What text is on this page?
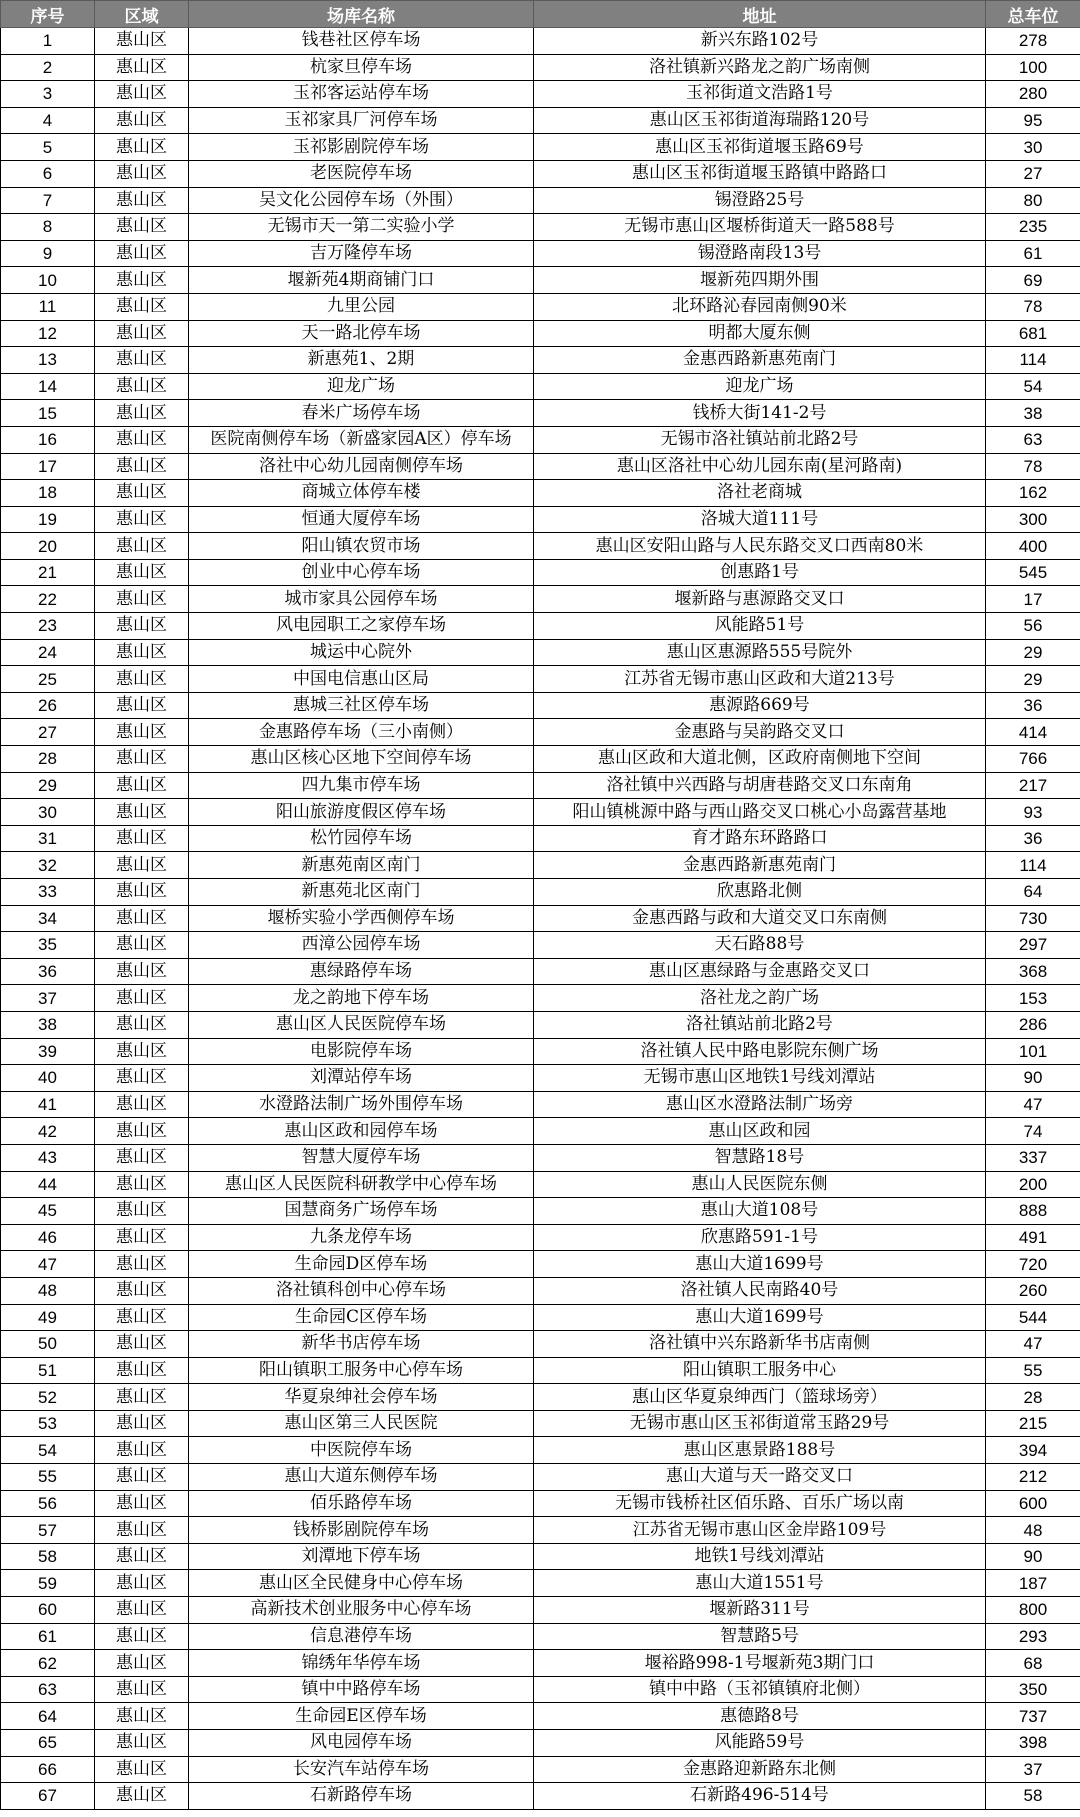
序号	区域	场库名称	地址	总车位
1	惠山区	钱巷社区停车场	新兴东路102号	278
2	惠山区	杭家旦停车场	洛社镇新兴路龙之韵广场南侧	100
3	惠山区	玉祁客运站停车场	玉祁街道文浩路1号	280
4	惠山区	玉祁家具厂河停车场	惠山区玉祁街道海瑞路120号	95
5	惠山区	玉祁影剧院停车场	惠山区玉祁街道堰玉路69号	30
6	惠山区	老医院停车场	惠山区玉祁街道堰玉路镇中路路口	27
7	惠山区	吴文化公园停车场（外围）	锡澄路25号	80
8	惠山区	无锡市天一第二实验小学	无锡市惠山区堰桥街道天一路588号	235
9	惠山区	吉万隆停车场	锡澄路南段13号	61
10	惠山区	堰新苑4期商铺门口	堰新苑四期外围	69
11	惠山区	九里公园	北环路沁春园南侧90米	78
12	惠山区	天一路北停车场	明都大厦东侧	681
13	惠山区	新惠苑1、2期	金惠西路新惠苑南门	114
14	惠山区	迎龙广场	迎龙广场	54
15	惠山区	春米广场停车场	钱桥大街141-2号	38
16	惠山区	医院南侧停车场（新盛家园A区）停车场	无锡市洛社镇站前北路2号	63
17	惠山区	洛社中心幼儿园南侧停车场	惠山区洛社中心幼儿园东南(星河路南)	78
18	惠山区	商城立体停车楼	洛社老商城	162
19	惠山区	恒通大厦停车场	洛城大道111号	300
20	惠山区	阳山镇农贸市场	惠山区安阳山路与人民东路交叉口西南80米	400
21	惠山区	创业中心停车场	创惠路1号	545
22	惠山区	城市家具公园停车场	堰新路与惠源路交叉口	17
23	惠山区	风电园职工之家停车场	风能路51号	56
24	惠山区	城运中心院外	惠山区惠源路555号院外	29
25	惠山区	中国电信惠山区局	江苏省无锡市惠山区政和大道213号	29
26	惠山区	惠城三社区停车场	惠源路669号	36
27	惠山区	金惠路停车场（三小南侧）	金惠路与吴韵路交叉口	414
28	惠山区	惠山区核心区地下空间停车场	惠山区政和大道北侧，区政府南侧地下空间	766
29	惠山区	四九集市停车场	洛社镇中兴西路与胡唐巷路交叉口东南角	217
30	惠山区	阳山旅游度假区停车场	阳山镇桃源中路与西山路交叉口桃心小岛露营基地	93
31	惠山区	松竹园停车场	育才路东环路路口	36
32	惠山区	新惠苑南区南门	金惠西路新惠苑南门	114
33	惠山区	新惠苑北区南门	欣惠路北侧	64
34	惠山区	堰桥实验小学西侧停车场	金惠西路与政和大道交叉口东南侧	730
35	惠山区	西漳公园停车场	天石路88号	297
36	惠山区	惠绿路停车场	惠山区惠绿路与金惠路交叉口	368
37	惠山区	龙之韵地下停车场	洛社龙之韵广场	153
38	惠山区	惠山区人民医院停车场	洛社镇站前北路2号	286
39	惠山区	电影院停车场	洛社镇人民中路电影院东侧广场	101
40	惠山区	刘潭站停车场	无锡市惠山区地铁1号线刘潭站	90
41	惠山区	水澄路法制广场外围停车场	惠山区水澄路法制广场旁	47
42	惠山区	惠山区政和园停车场	惠山区政和园	74
43	惠山区	智慧大厦停车场	智慧路18号	337
44	惠山区	惠山区人民医院科研教学中心停车场	惠山人民医院东侧	200
45	惠山区	国慧商务广场停车场	惠山大道108号	888
46	惠山区	九条龙停车场	欣惠路591-1号	491
47	惠山区	生命园D区停车场	惠山大道1699号	720
48	惠山区	洛社镇科创中心停车场	洛社镇人民南路40号	260
49	惠山区	生命园C区停车场	惠山大道1699号	544
50	惠山区	新华书店停车场	洛社镇中兴东路新华书店南侧	47
51	惠山区	阳山镇职工服务中心停车场	阳山镇职工服务中心	55
52	惠山区	华夏泉绅社会停车场	惠山区华夏泉绅西门（篮球场旁）	28
53	惠山区	惠山区第三人民医院	无锡市惠山区玉祁街道常玉路29号	215
54	惠山区	中医院停车场	惠山区惠景路188号	394
55	惠山区	惠山大道东侧停车场	惠山大道与天一路交叉口	212
56	惠山区	佰乐路停车场	无锡市钱桥社区佰乐路、百乐广场以南	600
57	惠山区	钱桥影剧院停车场	江苏省无锡市惠山区金岸路109号	48
58	惠山区	刘潭地下停车场	地铁1号线刘潭站	90
59	惠山区	惠山区全民健身中心停车场	惠山大道1551号	187
60	惠山区	高新技术创业服务中心停车场	堰新路311号	800
61	惠山区	信息港停车场	智慧路5号	293
62	惠山区	锦绣年华停车场	堰裕路998-1号堰新苑3期门口	68
63	惠山区	镇中中路停车场	镇中中路（玉祁镇镇府北侧）	350
64	惠山区	生命园E区停车场	惠德路8号	737
65	惠山区	风电园停车场	风能路59号	398
66	惠山区	长安汽车站停车场	金惠路迎新路东北侧	37
67	惠山区	石新路停车场	石新路496-514号	58
